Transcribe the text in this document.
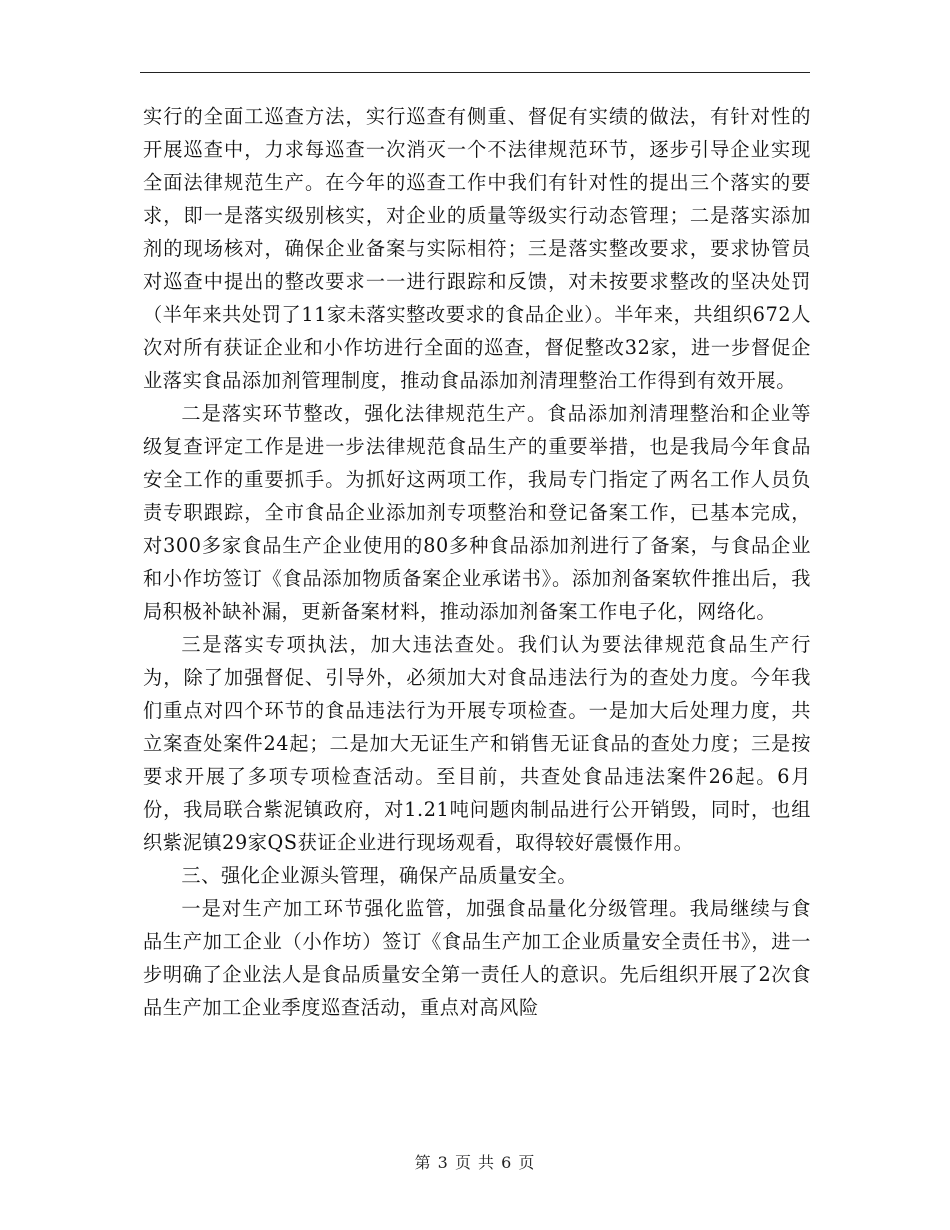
实行的全面工巡查方法，实行巡查有侧重、督促有实绩的做法，有针对性的开展巡查中，力求每巡查一次消灭一个不法律规范环节，逐步引导企业实现全面法律规范生产。在今年的巡查工作中我们有针对性的提出三个落实的要求，即一是落实级别核实，对企业的质量等级实行动态管理；二是落实添加剂的现场核对，确保企业备案与实际相符；三是落实整改要求，要求协管员对巡查中提出的整改要求一一进行跟踪和反馈，对未按要求整改的坚决处罚（半年来共处罚了11家未落实整改要求的食品企业）。半年来，共组织672人次对所有获证企业和小作坊进行全面的巡查，督促整改32家，进一步督促企业落实食品添加剂管理制度，推动食品添加剂清理整治工作得到有效开展。

二是落实环节整改，强化法律规范生产。食品添加剂清理整治和企业等级复查评定工作是进一步法律规范食品生产的重要举措，也是我局今年食品安全工作的重要抓手。为抓好这两项工作，我局专门指定了两名工作人员负责专职跟踪，全市食品企业添加剂专项整治和登记备案工作，已基本完成，对300多家食品生产企业使用的80多种食品添加剂进行了备案，与食品企业和小作坊签订《食品添加物质备案企业承诺书》。添加剂备案软件推出后，我局积极补缺补漏，更新备案材料，推动添加剂备案工作电子化，网络化。

三是落实专项执法，加大违法查处。我们认为要法律规范食品生产行为，除了加强督促、引导外，必须加大对食品违法行为的查处力度。今年我们重点对四个环节的食品违法行为开展专项检查。一是加大后处理力度，共立案查处案件24起；二是加大无证生产和销售无证食品的查处力度；三是按要求开展了多项专项检查活动。至目前，共查处食品违法案件26起。6月份，我局联合紫泥镇政府，对1.21吨问题肉制品进行公开销毁，同时，也组织紫泥镇29家QS获证企业进行现场观看，取得较好震慑作用。

三、强化企业源头管理，确保产品质量安全。

一是对生产加工环节强化监管，加强食品量化分级管理。我局继续与食品生产加工企业（小作坊）签订《食品生产加工企业质量安全责任书》，进一步明确了企业法人是食品质量安全第一责任人的意识。先后组织开展了2次食品生产加工企业季度巡查活动，重点对高风险

第 3 页 共 6 页
